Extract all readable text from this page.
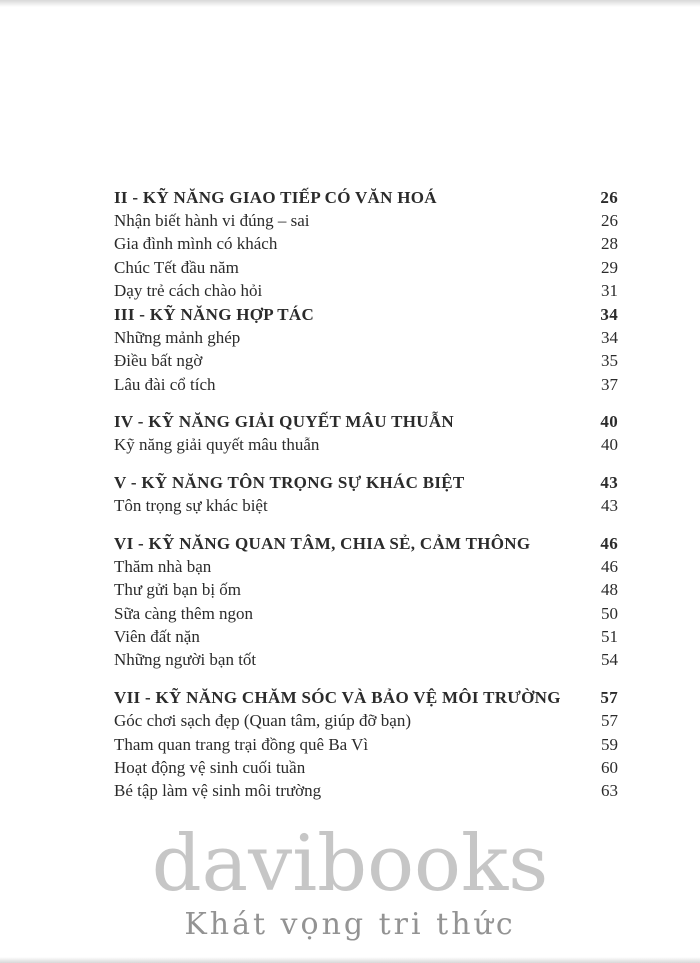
II - KỸ NĂNG GIAO TIẾP CÓ VĂN HOÁ	26
Nhận biết hành vi đúng – sai	26
Gia đình mình có khách	28
Chúc Tết đầu năm	29
Dạy trẻ cách chào hỏi	31
III - KỸ NĂNG HỢP TÁC	34
Những mảnh ghép	34
Điều bất ngờ	35
Lâu đài cổ tích	37
IV - KỸ NĂNG GIẢI QUYẾT MÂU THUẪN	40
Kỹ năng giải quyết mâu thuẫn	40
V - KỸ NĂNG TÔN TRỌNG SỰ KHÁC BIỆT	43
Tôn trọng sự khác biệt	43
VI - KỸ NĂNG QUAN TÂM, CHIA SẺ, CẢM THÔNG	46
Thăm nhà bạn	46
Thư gửi bạn bị ốm	48
Sữa càng thêm ngon	50
Viên đất nặn	51
Những người bạn tốt	54
VII - KỸ NĂNG CHĂM SÓC VÀ BẢO VỆ MÔI TRƯỜNG	57
Góc chơi sạch đẹp (Quan tâm, giúp đỡ bạn)	57
Tham quan trang trại đồng quê Ba Vì	59
Hoạt động vệ sinh cuối tuần	60
Bé tập làm vệ sinh môi trường	63
davibooks
Khát vọng tri thức
